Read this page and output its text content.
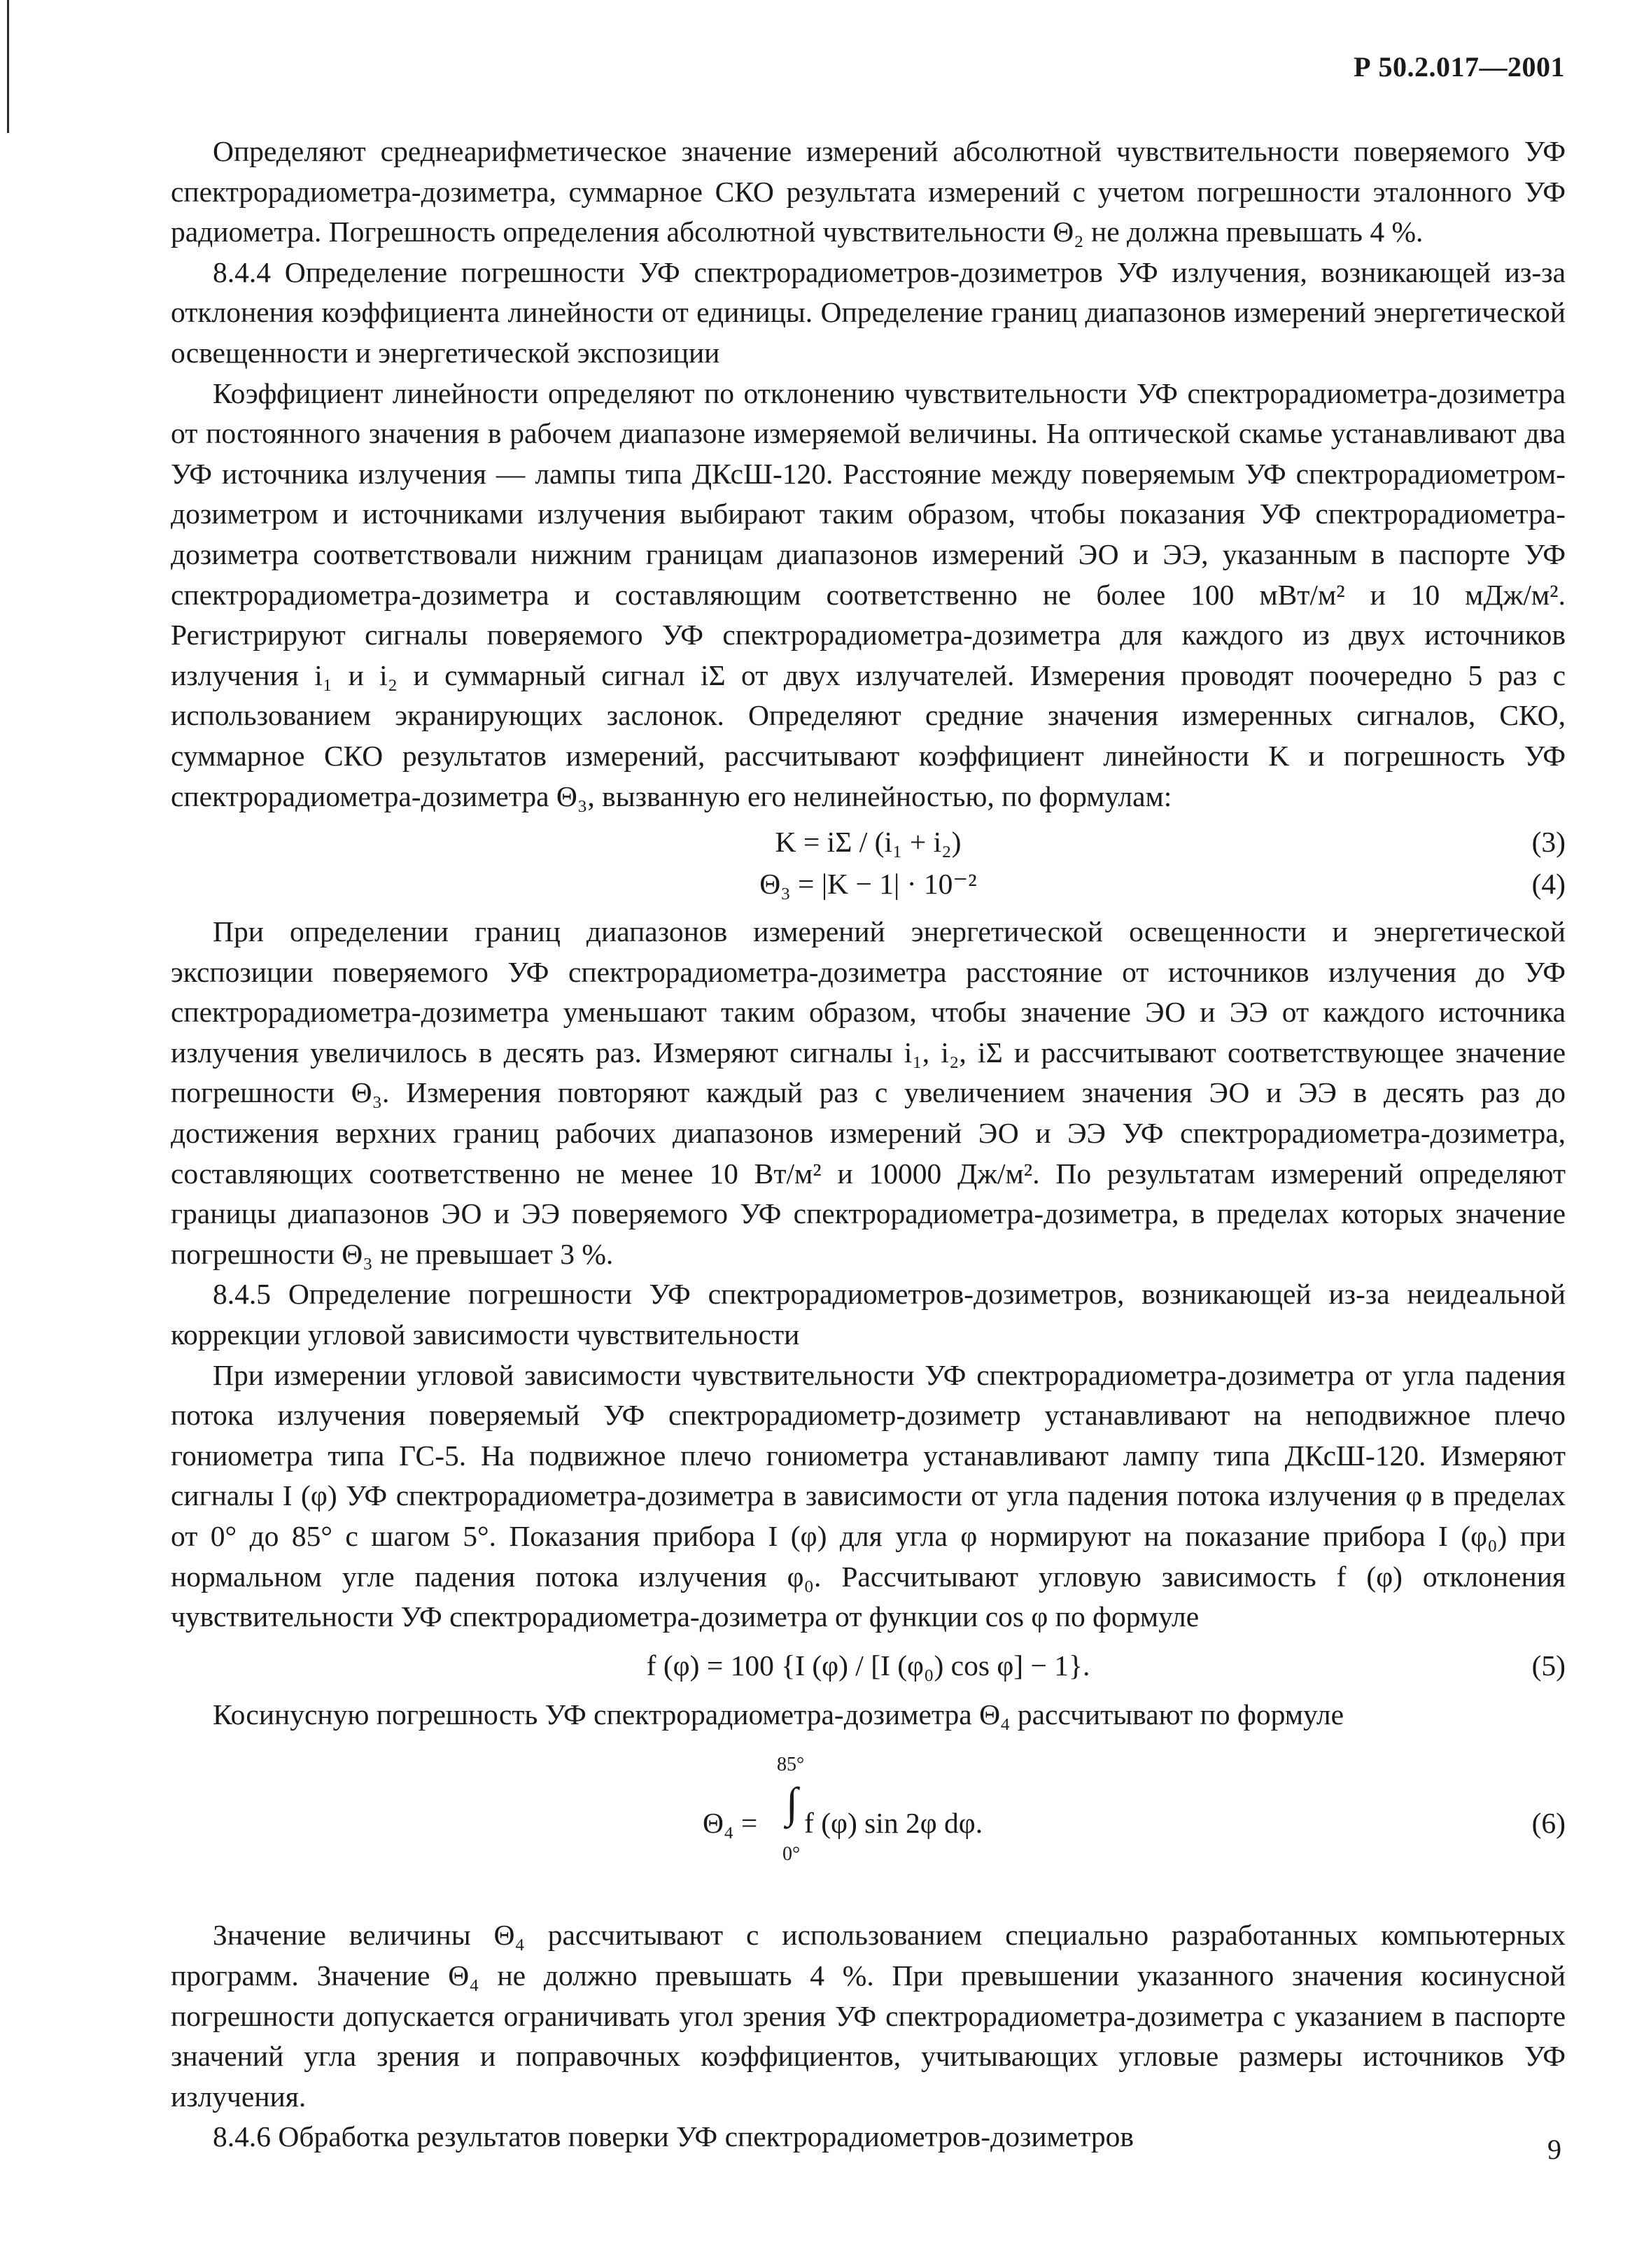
Р 50.2.017—2001

Определяют среднеарифметическое значение измерений абсолютной чувствительности поверяемого УФ спектрорадиометра-дозиметра, суммарное СКО результата измерений с учетом погрешности эталонного УФ радиометра. Погрешность определения абсолютной чувствительности Θ₂ не должна превышать 4 %.

8.4.4 Определение погрешности УФ спектрорадиометров-дозиметров УФ излучения, возникающей из-за отклонения коэффициента линейности от единицы. Определение границ диапазонов измерений энергетической освещенности и энергетической экспозиции

Коэффициент линейности определяют по отклонению чувствительности УФ спектрорадиометра-дозиметра от постоянного значения в рабочем диапазоне измеряемой величины. На оптической скамье устанавливают два УФ источника излучения — лампы типа ДКсШ-120. Расстояние между поверяемым УФ спектрорадиометром-дозиметром и источниками излучения выбирают таким образом, чтобы показания УФ спектрорадиометра-дозиметра соответствовали нижним границам диапазонов измерений ЭО и ЭЭ, указанным в паспорте УФ спектрорадиометра-дозиметра и составляющим соответственно не более 100 мВт/м² и 10 мДж/м². Регистрируют сигналы поверяемого УФ спектрорадиометра-дозиметра для каждого из двух источников излучения i₁ и i₂ и суммарный сигнал iΣ от двух излучателей. Измерения проводят поочередно 5 раз с использованием экранирующих заслонок. Определяют средние значения измеренных сигналов, СКО, суммарное СКО результатов измерений, рассчитывают коэффициент линейности K и погрешность УФ спектрорадиометра-дозиметра Θ₃, вызванную его нелинейностью, по формулам:

K = iΣ / (i₁ + i₂)	(3)
Θ₃ = |K − 1| · 10⁻²	(4)

При определении границ диапазонов измерений энергетической освещенности и энергетической экспозиции поверяемого УФ спектрорадиометра-дозиметра расстояние от источников излучения до УФ спектрорадиометра-дозиметра уменьшают таким образом, чтобы значение ЭО и ЭЭ от каждого источника излучения увеличилось в десять раз. Измеряют сигналы i₁, i₂, iΣ и рассчитывают соответствующее значение погрешности Θ₃. Измерения повторяют каждый раз с увеличением значения ЭО и ЭЭ в десять раз до достижения верхних границ рабочих диапазонов измерений ЭО и ЭЭ УФ спектрорадиометра-дозиметра, составляющих соответственно не менее 10 Вт/м² и 10000 Дж/м². По результатам измерений определяют границы диапазонов ЭО и ЭЭ поверяемого УФ спектрорадиометра-дозиметра, в пределах которых значение погрешности Θ₃ не превышает 3 %.

8.4.5 Определение погрешности УФ спектрорадиометров-дозиметров, возникающей из-за неидеальной коррекции угловой зависимости чувствительности

При измерении угловой зависимости чувствительности УФ спектрорадиометра-дозиметра от угла падения потока излучения поверяемый УФ спектрорадиометр-дозиметр устанавливают на неподвижное плечо гониометра типа ГС-5. На подвижное плечо гониометра устанавливают лампу типа ДКсШ-120. Измеряют сигналы I (φ) УФ спектрорадиометра-дозиметра в зависимости от угла падения потока излучения φ в пределах от 0° до 85° с шагом 5°. Показания прибора I (φ) для угла φ нормируют на показание прибора I (φ₀) при нормальном угле падения потока излучения φ₀. Рассчитывают угловую зависимость f (φ) отклонения чувствительности УФ спектрорадиометра-дозиметра от функции cos φ по формуле

f (φ) = 100 {I (φ) / [I (φ₀) cos φ] − 1}.	(5)

Косинусную погрешность УФ спектрорадиометра-дозиметра Θ₄ рассчитывают по формуле

Θ₄ =
85°
∫
0°
f (φ) sin 2φ dφ.	(6)

Значение величины Θ₄ рассчитывают с использованием специально разработанных компьютерных программ. Значение Θ₄ не должно превышать 4 %. При превышении указанного значения косинусной погрешности допускается ограничивать угол зрения УФ спектрорадиометра-дозиметра с указанием в паспорте значений угла зрения и поправочных коэффициентов, учитывающих угловые размеры источников УФ излучения.

8.4.6 Обработка результатов поверки УФ спектрорадиометров-дозиметров	9
